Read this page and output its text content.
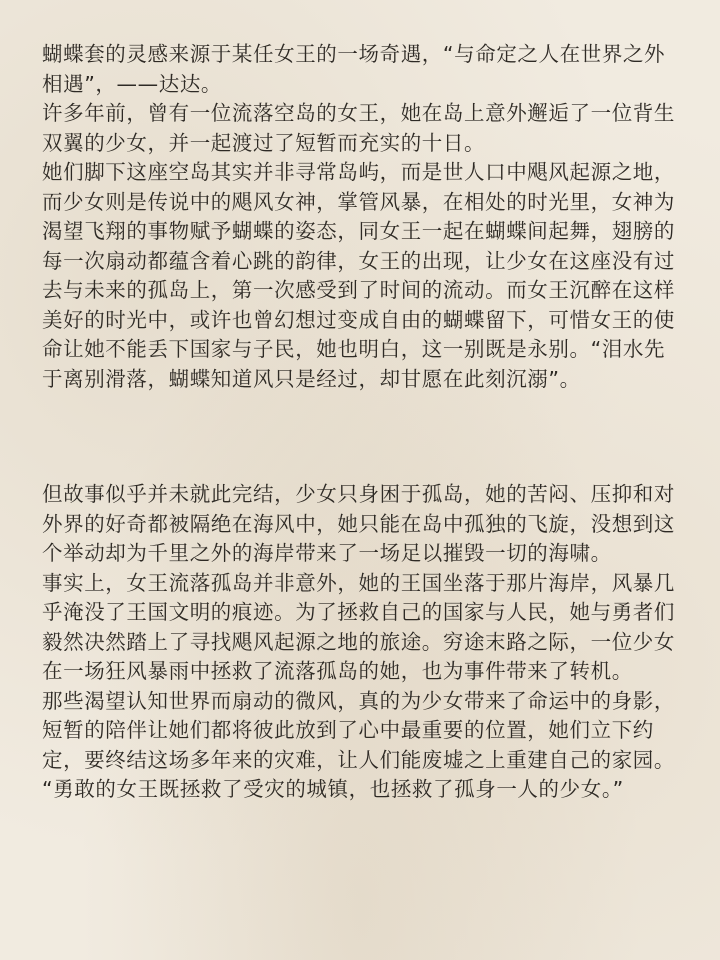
蝴蝶套的灵感来源于某任女王的一场奇遇，“与命定之人在世界之外相遇”，——达达。

许多年前，曾有一位流落空岛的女王，她在岛上意外邂逅了一位背生双翼的少女，并一起渡过了短暂而充实的十日。

她们脚下这座空岛其实并非寻常岛屿，而是世人口中飓风起源之地，而少女则是传说中的飓风女神，掌管风暴，在相处的时光里，女神为渴望飞翔的事物赋予蝴蝶的姿态，同女王一起在蝴蝶间起舞，翅膀的每一次扇动都蕴含着心跳的韵律，女王的出现，让少女在这座没有过去与未来的孤岛上，第一次感受到了时间的流动。而女王沉醉在这样美好的时光中，或许也曾幻想过变成自由的蝴蝶留下，可惜女王的使命让她不能丢下国家与子民，她也明白，这一别既是永别。“泪水先于离别滑落，蝴蝶知道风只是经过，却甘愿在此刻沉溺”。

但故事似乎并未就此完结，少女只身困于孤岛，她的苦闷、压抑和对外界的好奇都被隔绝在海风中，她只能在岛中孤独的飞旋，没想到这个举动却为千里之外的海岸带来了一场足以摧毁一切的海啸。

事实上，女王流落孤岛并非意外，她的王国坐落于那片海岸，风暴几乎淹没了王国文明的痕迹。为了拯救自己的国家与人民，她与勇者们毅然决然踏上了寻找飓风起源之地的旅途。穷途末路之际，一位少女在一场狂风暴雨中拯救了流落孤岛的她，也为事件带来了转机。

那些渴望认知世界而扇动的微风，真的为少女带来了命运中的身影，短暂的陪伴让她们都将彼此放到了心中最重要的位置，她们立下约定，要终结这场多年来的灾难，让人们能废墟之上重建自己的家园。

“勇敢的女王既拯救了受灾的城镇，也拯救了孤身一人的少女。”
